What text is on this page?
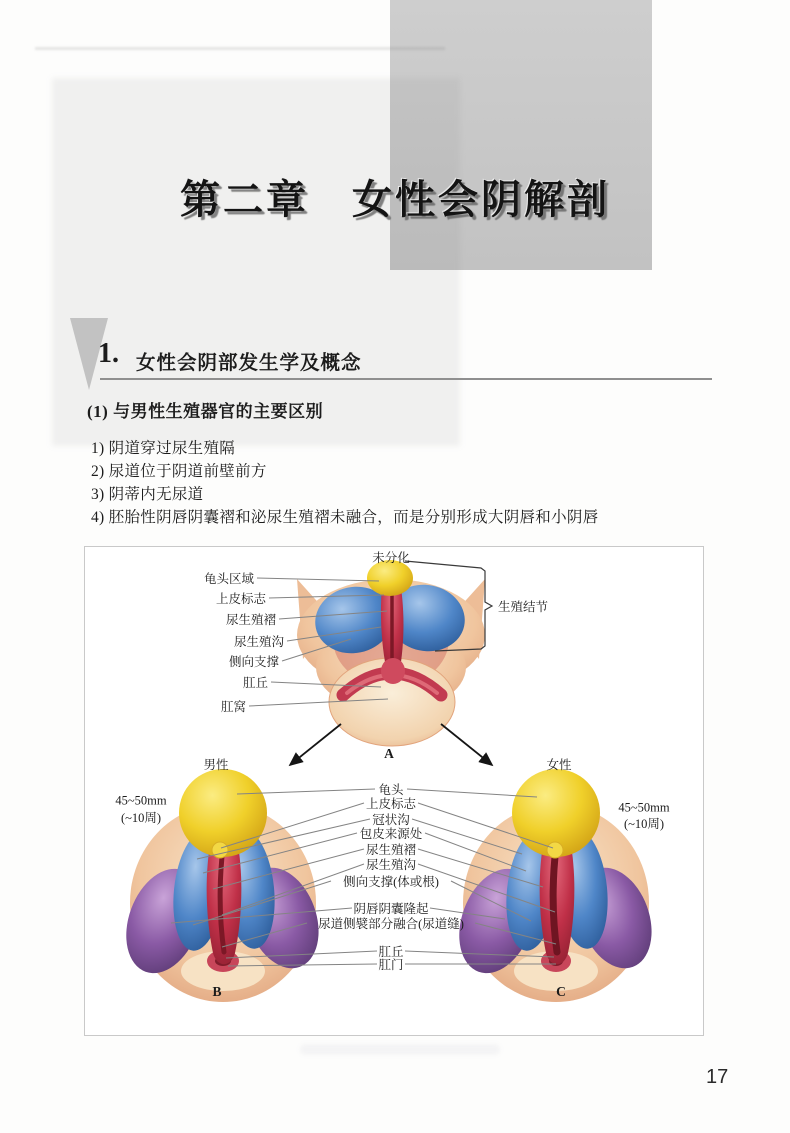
第二章　女性会阴解剖
1. 女性会阴部发生学及概念
(1) 与男性生殖器官的主要区别
1) 阴道穿过尿生殖隔
2) 尿道位于阴道前壁前方
3) 阴蒂内无尿道
4) 胚胎性阴唇阴囊褶和泌尿生殖褶未融合，而是分别形成大阴唇和小阴唇
未分化
龟头区域
上皮标志
尿生殖褶
尿生殖沟
侧向支撑
肛丘
肛窝
生殖结节
A
男性	女性
45~50mm
(~10周)
45~50mm
(~10周)
龟头
上皮标志
冠状沟
包皮来源处
尿生殖褶
尿生殖沟
侧向支撑(体或根)
阴唇阴囊隆起
尿道侧襞部分融合(尿道缝)
肛丘
肛门
B	C
17
